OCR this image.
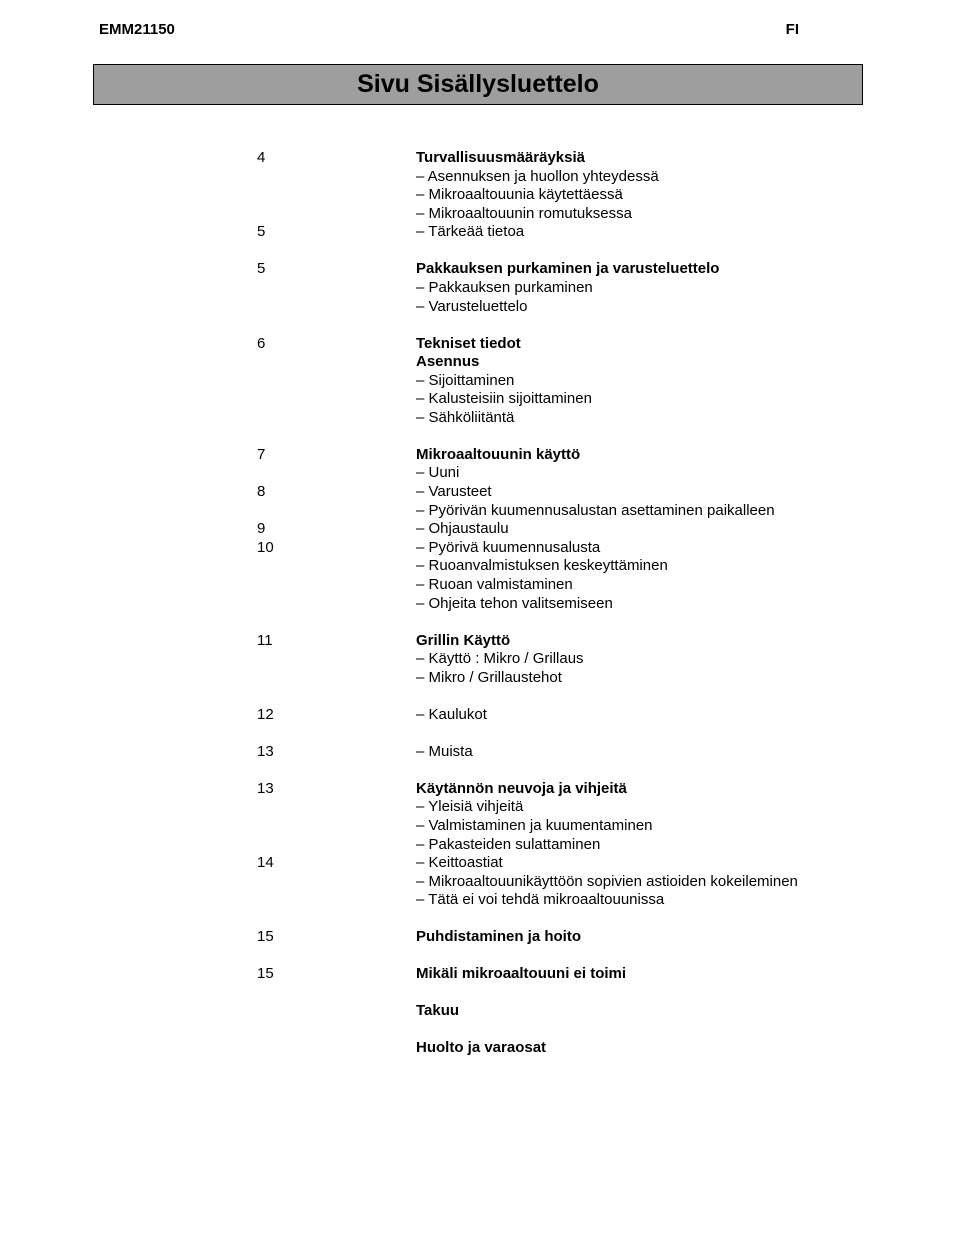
EMM21150	FI
Sivu Sisällysluettelo
4	Turvallisuusmääräyksiä
– Asennuksen ja huollon yhteydessä
– Mikroaaltouunia käytettäessä
– Mikroaaltouunin romutuksessa
5	– Tärkeää tietoa
5	Pakkauksen purkaminen ja varusteluettelo
– Pakkauksen purkaminen
– Varusteluettelo
6	Tekniset tiedot
Asennus
– Sijoittaminen
– Kalusteisiin sijoittaminen
– Sähköliitäntä
7	Mikroaaltouunin käyttö
– Uuni
8	– Varusteet
– Pyörivän kuumennusalustan asettaminen paikalleen
9	– Ohjaustaulu
10	– Pyörivä kuumennusalusta
– Ruoanvalmistuksen keskeyttäminen
– Ruoan valmistaminen
– Ohjeita tehon valitsemiseen
11	Grillin Käyttö
– Käyttö : Mikro / Grillaus
– Mikro / Grillaustehot
12	– Kaulukot
13	– Muista
13	Käytännön neuvoja ja vihjeitä
– Yleisiä vihjeitä
– Valmistaminen ja kuumentaminen
– Pakasteiden sulattaminen
14	– Keittoastiat
– Mikroaaltouunikäyttöön sopivien astioiden kokeileminen
– Tätä ei voi tehdä mikroaaltouunissa
15	Puhdistaminen ja hoito
15	Mikäli mikroaaltouuni ei toimi
Takuu
Huolto ja varaosat
